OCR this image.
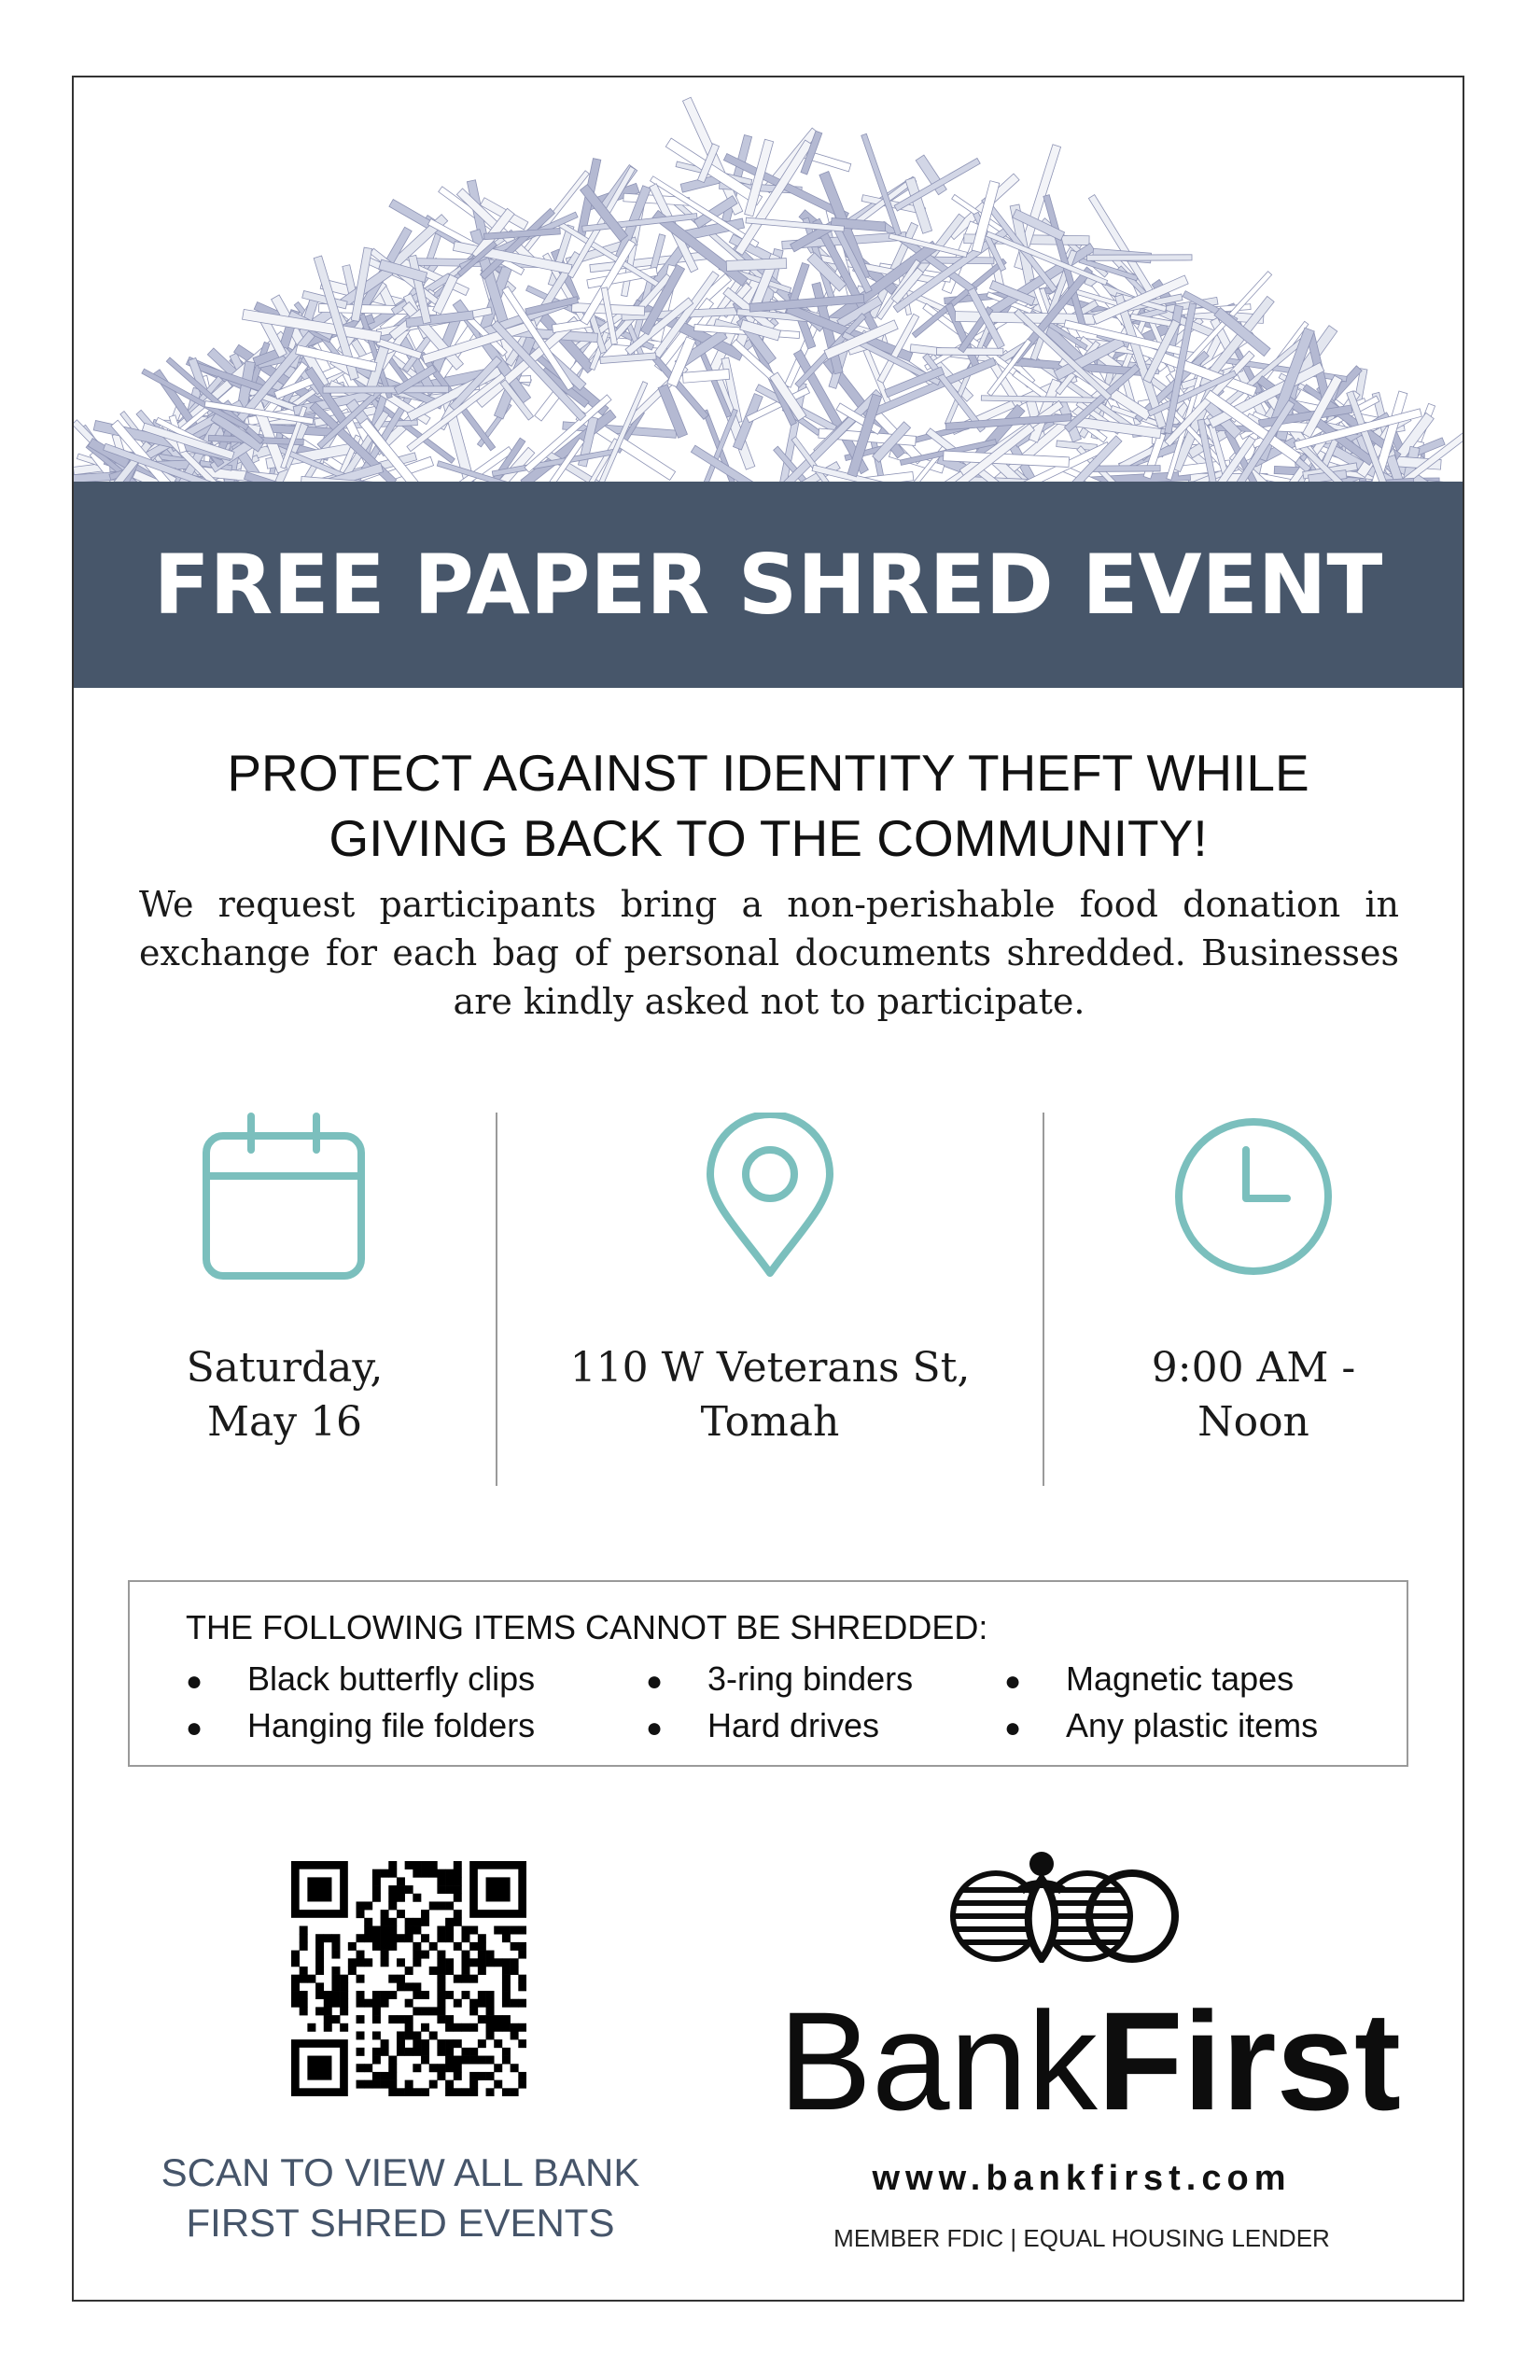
FREE PAPER SHRED EVENT
PROTECT AGAINST IDENTITY THEFT WHILE
GIVING BACK TO THE COMMUNITY!
We request participants bring a non-perishable food donation in exchange for each bag of personal documents shredded. Businesses are kindly asked not to participate.
Saturday,
May 16
110 W Veterans St,
Tomah
9:00 AM -
Noon
THE FOLLOWING ITEMS CANNOT BE SHREDDED:
● Black butterfly clips
● Hanging file folders
● 3-ring binders
● Hard drives
● Magnetic tapes
● Any plastic items
SCAN TO VIEW ALL BANK
FIRST SHRED EVENTS
BankFirst
www.bankfirst.com
MEMBER FDIC | EQUAL HOUSING LENDER
